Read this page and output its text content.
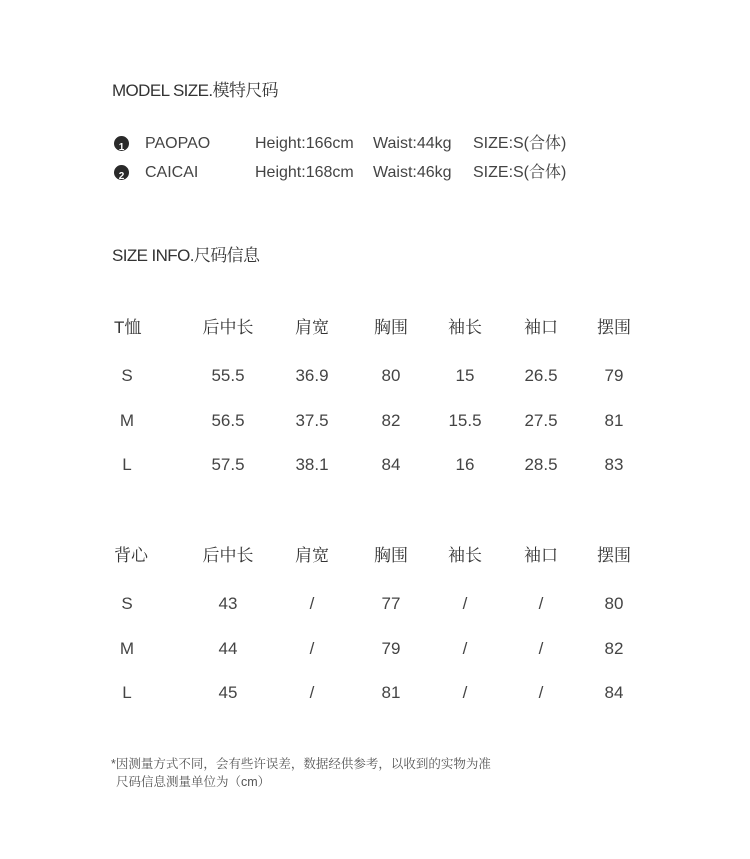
MODEL SIZE.模特尺码
1 PAOPAO	Height:166cm Waist:44kg SIZE:S(合体)
2 CAICAI	Height:168cm Waist:46kg SIZE:S(合体)
SIZE INFO.尺码信息
T恤	后中长 肩宽	胸围 袖长 袖口 摆围
S	55.5	36.9	80	15	26.5	79
M	56.5	37.5	82	15.5	27.5	81
L	57.5	38.1	84	16	28.5	83
背心	后中长 肩宽	胸围 袖长 袖口 摆围
S	43	/	77	/	/	80
M	44	/	79	/	/	82
L	45	/	81	/	/	84
*因测量方式不同，会有些许误差，数据经供参考，以收到的实物为准
尺码信息测量单位为（cm）
